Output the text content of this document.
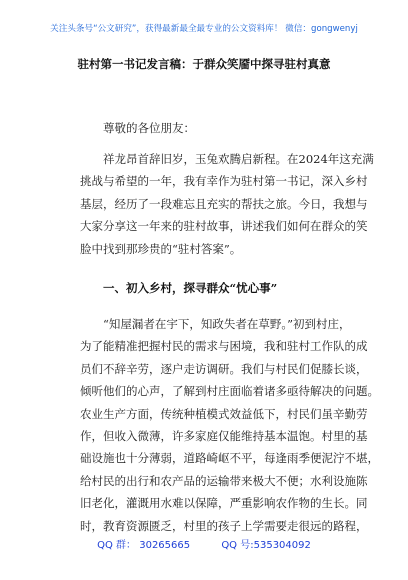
关注头条号“公文研究”，获得最新最全最专业的公文资料库！ 微信：gongwenyj
驻村第一书记发言稿：于群众笑靥中探寻驻村真意
尊敬的各位朋友：
祥龙昂首辞旧岁，玉兔欢腾启新程。在2024年这充满
挑战与希望的一年，我有幸作为驻村第一书记，深入乡村
基层，经历了一段难忘且充实的帮扶之旅。今日，我想与
大家分享这一年来的驻村故事，讲述我们如何在群众的笑
脸中找到那珍贵的“驻村答案”。
一、初入乡村，探寻群众“忧心事”
“知屋漏者在宇下，知政失者在草野。”初到村庄，
为了能精准把握村民的需求与困境，我和驻村工作队的成
员们不辞辛劳，逐户走访调研。我们与村民们促膝长谈，
倾听他们的心声，了解到村庄面临着诸多亟待解决的问题。
农业生产方面，传统种植模式效益低下，村民们虽辛勤劳
作，但收入微薄，许多家庭仅能维持基本温饱。村里的基
础设施也十分薄弱，道路崎岖不平，每逢雨季便泥泞不堪，
给村民的出行和农产品的运输带来极大不便；水利设施陈
旧老化，灌溉用水难以保障，严重影响农作物的生长。同
时，教育资源匮乏，村里的孩子上学需要走很远的路程，
QQ 群： 30265665	QQ 号:535304092
